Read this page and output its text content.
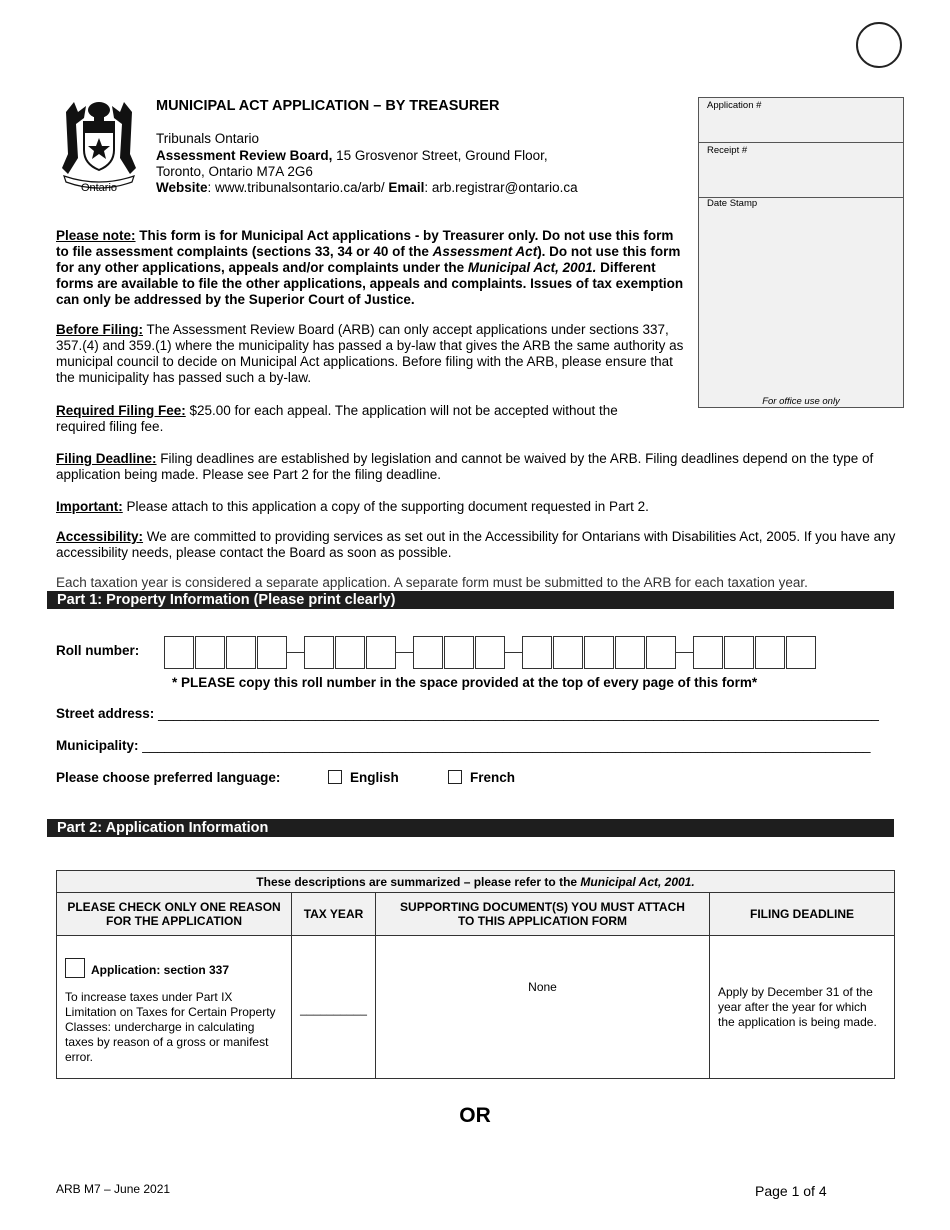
Ontario
MUNICIPAL ACT APPLICATION – BY TREASURER
Tribunals Ontario
Assessment Review Board, 15 Grosvenor Street, Ground Floor,
Toronto, Ontario M7A 2G6
Website: www.tribunalsontario.ca/arb/ Email: arb.registrar@ontario.ca
Application #
Receipt #
Date Stamp
For office use only
Please note: This form is for Municipal Act applications - by Treasurer only. Do not use this form to file assessment complaints (sections 33, 34 or 40 of the Assessment Act). Do not use this form for any other applications, appeals and/or complaints under the Municipal Act, 2001. Different forms are available to file the other applications, appeals and complaints. Issues of tax exemption can only be addressed by the Superior Court of Justice.
Before Filing: The Assessment Review Board (ARB) can only accept applications under sections 337, 357.(4) and 359.(1) where the municipality has passed a by-law that gives the ARB the same authority as municipal council to decide on Municipal Act applications. Before filing with the ARB, please ensure that the municipality has passed such a by-law.
Required Filing Fee: $25.00 for each appeal. The application will not be accepted without the required filing fee.
Filing Deadline: Filing deadlines are established by legislation and cannot be waived by the ARB. Filing deadlines depend on the type of application being made. Please see Part 2 for the filing deadline.
Important: Please attach to this application a copy of the supporting document requested in Part 2.
Accessibility: We are committed to providing services as set out in the Accessibility for Ontarians with Disabilities Act, 2005. If you have any accessibility needs, please contact the Board as soon as possible.
Each taxation year is considered a separate application. A separate form must be submitted to the ARB for each taxation year.
Part 1: Property Information (Please print clearly)
Roll number:
* PLEASE copy this roll number in the space provided at the top of every page of this form*
Street address: ________________________________________________________________________________________________
Municipality: _________________________________________________________________________________________________
Please choose preferred language:	English	French
Part 2: Application Information
These descriptions are summarized – please refer to the Municipal Act, 2001.			
PLEASE CHECK ONLY ONE REASON FOR THE APPLICATION	TAX YEAR	SUPPORTING DOCUMENT(S) YOU MUST ATTACH TO THIS APPLICATION FORM	FILING DEADLINE

Application: section 337
To increase taxes under Part IX Limitation on Taxes for Certain Property Classes: undercharge in calculating taxes by reason of a gross or manifest error.	__________	None	Apply by December 31 of the year after the year for which the application is being made.
OR
ARB M7 – June 2021	Page 1 of 4
